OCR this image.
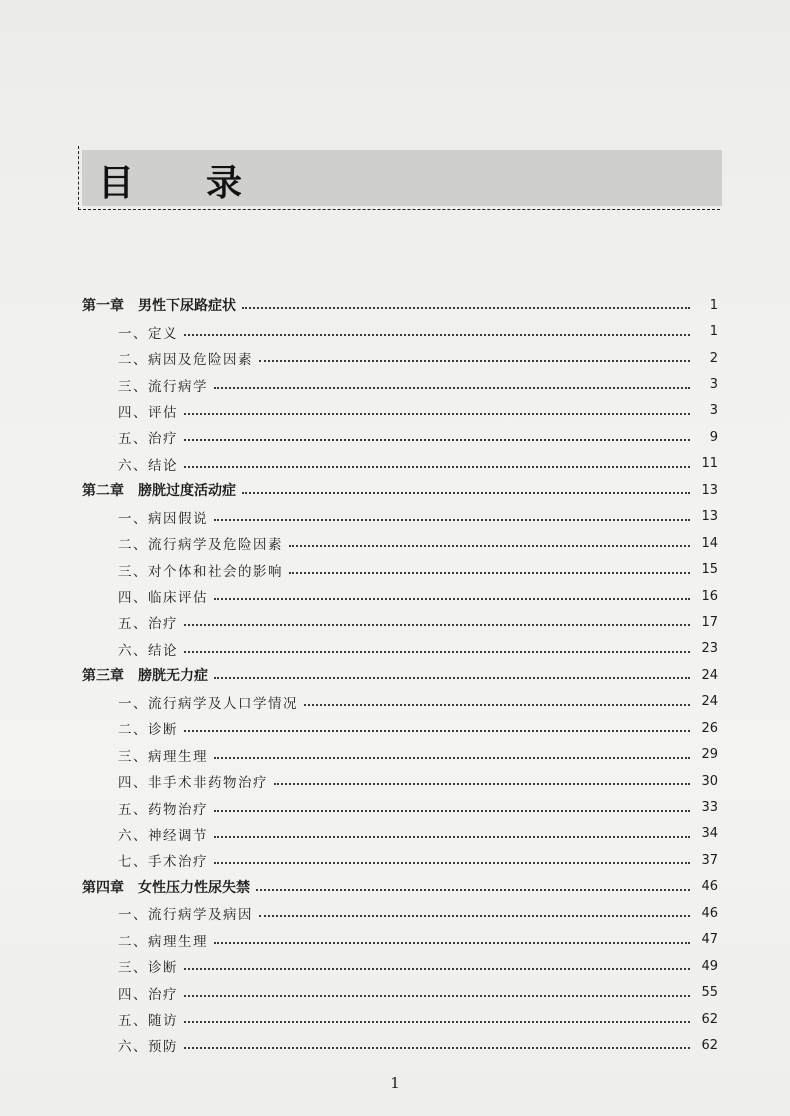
目　　录
第一章 男性下尿路症状	1
一、定义	1
二、病因及危险因素	2
三、流行病学	3
四、评估	3
五、治疗	9
六、结论	11
第二章 膀胱过度活动症	13
一、病因假说	13
二、流行病学及危险因素	14
三、对个体和社会的影响	15
四、临床评估	16
五、治疗	17
六、结论	23
第三章 膀胱无力症	24
一、流行病学及人口学情况	24
二、诊断	26
三、病理生理	29
四、非手术非药物治疗	30
五、药物治疗	33
六、神经调节	34
七、手术治疗	37
第四章 女性压力性尿失禁	46
一、流行病学及病因	46
二、病理生理	47
三、诊断	49
四、治疗	55
五、随访	62
六、预防	62
1
